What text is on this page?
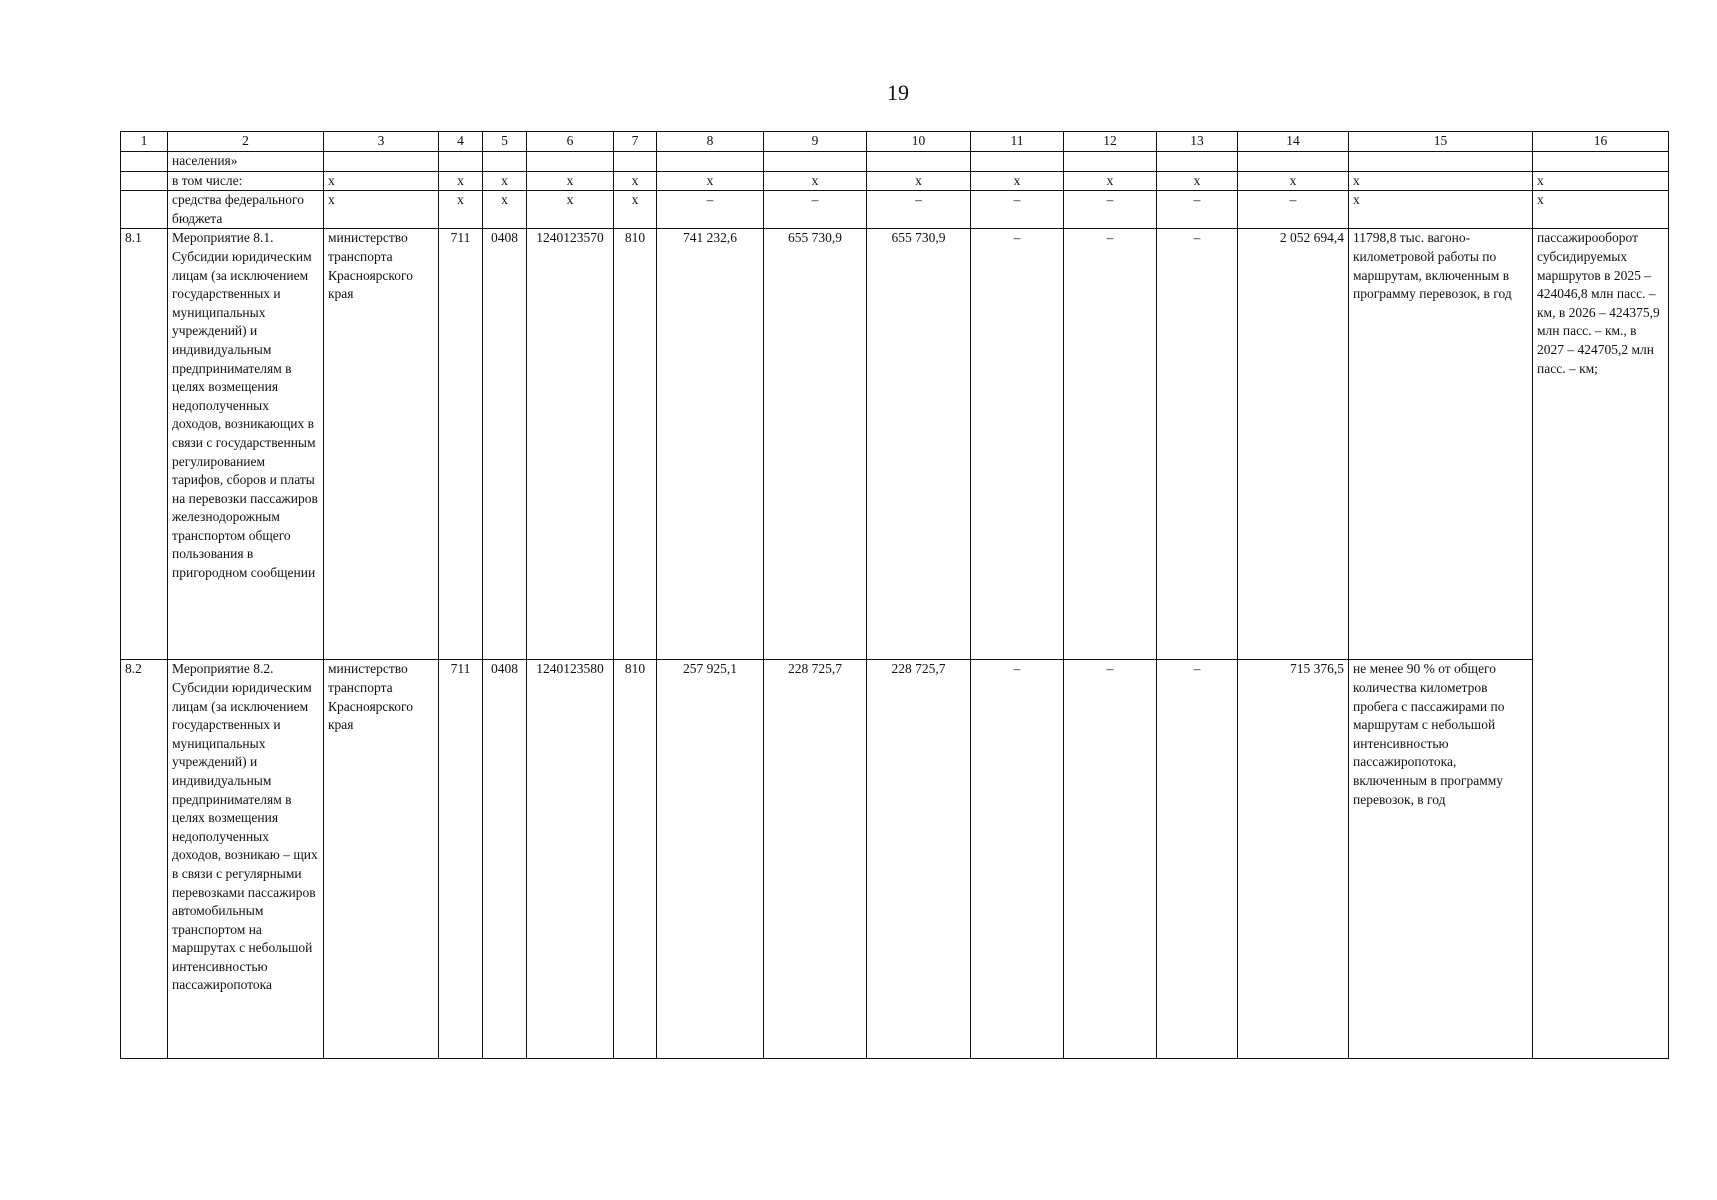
19
1	2	3	4	5	6	7	8	9	10	11	12	13	14	15	16
	населения»														
	в том числе:	x	x	x	x	x	x	x	x	x	x	x	x	x	x
	средства федерального бюджета	x	x	x	x	x	–	–	–	–	–	–	–	x	x
8.1	Мероприятие 8.1. Субсидии юридическим лицам (за исключением государственных и муниципальных учреждений) и индивидуальным предпринимателям в целях возмещения недополученных доходов, возникающих в связи с государственным регулированием тарифов, сборов и платы на перевозки пассажиров железнодорожным транспортом общего пользования в пригородном сообщении	министерство транспорта Красноярского края	711	0408	1240123570	810	741 232,6	655 730,9	655 730,9	–	–	–	2 052 694,4	11798,8 тыс. вагоно-километровой работы по маршрутам, включенным в программу перевозок, в год	пассажирооборот субсидируемых маршрутов в 2025 – 424046,8 млн пасс. – км, в 2026 – 424375,9 млн пасс. – км., в 2027 – 424705,2 млн пасс. – км;
8.2	Мероприятие 8.2. Субсидии юридическим лицам (за исключением государственных и муниципальных учреждений) и индивидуальным предпринимателям в целях возмещения недополученных доходов, возникаю – щих в связи с регулярными перевозками пассажиров автомобильным транспортом на маршрутах с небольшой интенсивностью пассажиропотока	министерство транспорта Красноярского края	711	0408	1240123580	810	257 925,1	228 725,7	228 725,7	–	–	–	715 376,5	не менее 90 % от общего количества километров пробега с пассажирами по маршрутам с небольшой интенсивностью пассажиропотока, включенным в программу перевозок, в год	
